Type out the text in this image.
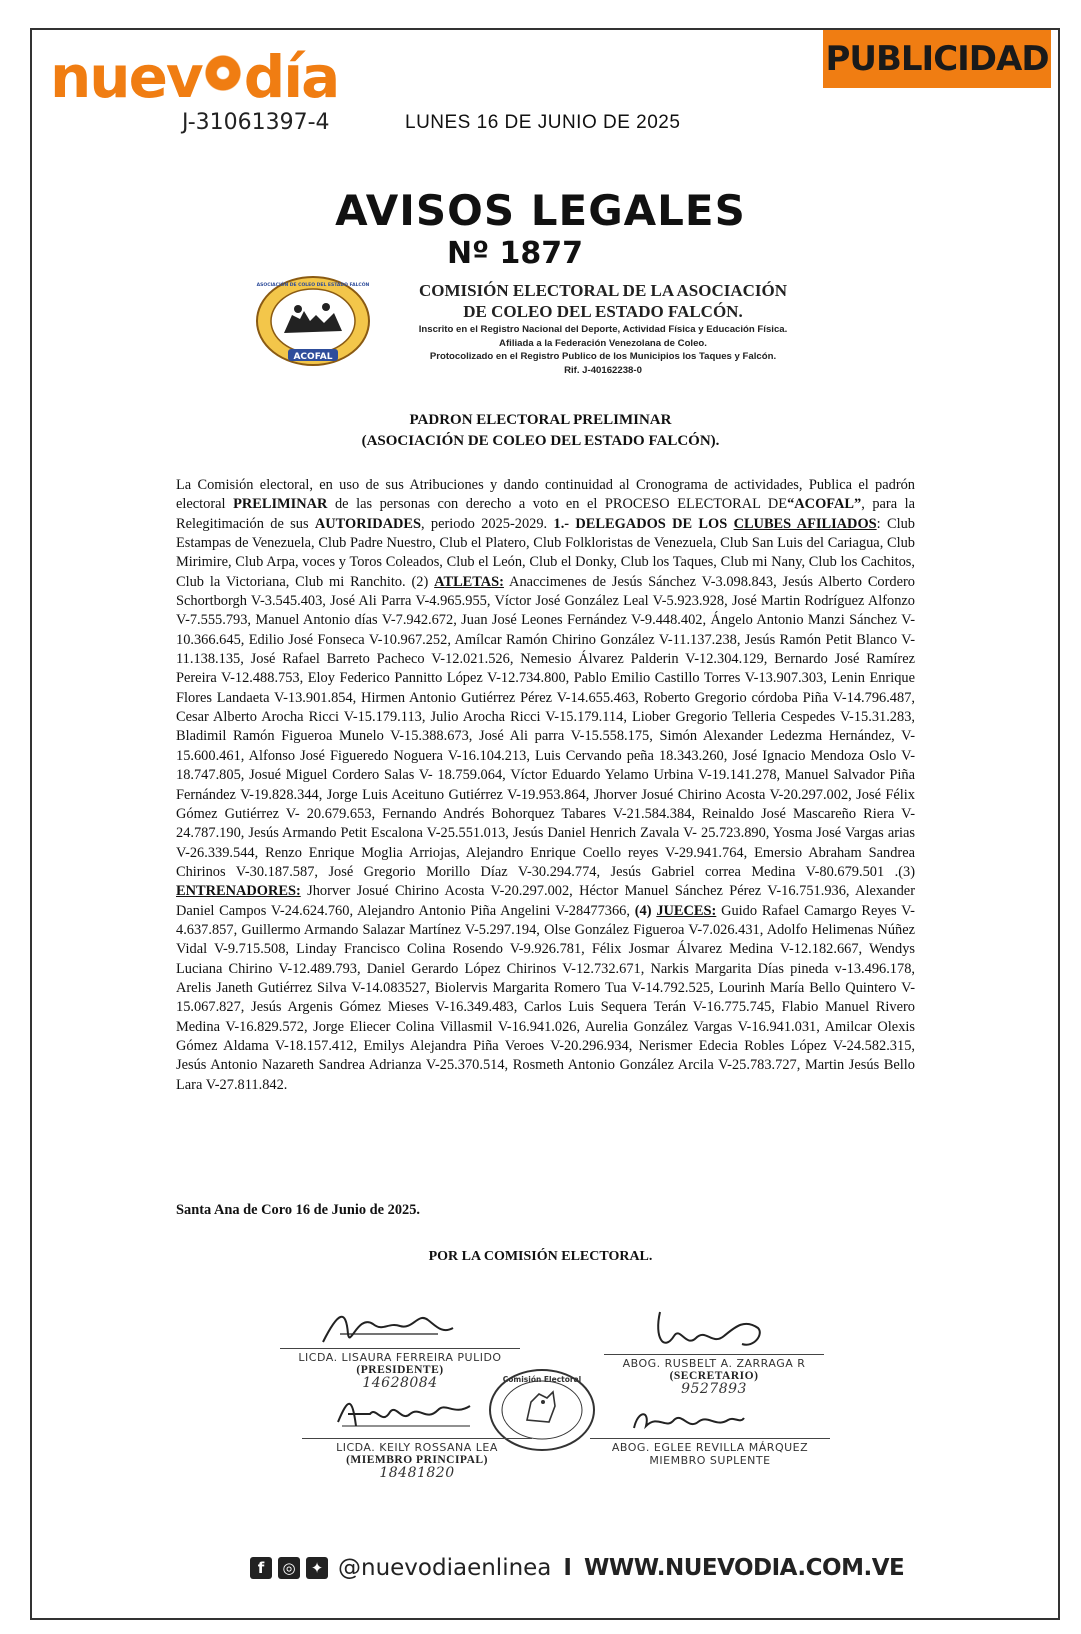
nuev día
J-31061397-4	LUNES 16 DE JUNIO DE 2025
PUBLICIDAD
AVISOS LEGALES
Nº 1877
ACOFAL
ASOCIACIÓN DE COLEO DEL ESTADO FALCÓN	COMISIÓN ELECTORAL DE LA ASOCIACIÓN
DE COLEO DEL ESTADO FALCÓN.
Inscrito en el Registro Nacional del Deporte, Actividad Física y Educación Física.
Afiliada a la Federación Venezolana de Coleo.
Protocolizado en el Registro Publico de los Municipios los Taques y Falcón.
Rif. J-40162238-0
PADRON ELECTORAL PRELIMINAR
(ASOCIACIÓN DE COLEO DEL ESTADO FALCÓN).
La Comisión electoral, en uso de sus Atribuciones y dando continuidad al Cronograma de actividades, Publica el padrón electoral PRELIMINAR de las personas con derecho a voto en el PROCESO ELECTORAL DE“ACOFAL”, para la Relegitimación de sus AUTORIDADES, periodo 2025-2029. 1.- DELEGADOS DE LOS CLUBES AFILIADOS: Club Estampas de Venezuela, Club Padre Nuestro, Club el Platero, Club Folkloristas de Venezuela, Club San Luis del Cariagua, Club Mirimire, Club Arpa, voces y Toros Coleados, Club el León, Club el Donky, Club los Taques, Club mi Nany, Club los Cachitos, Club la Victoriana, Club mi Ranchito. (2) ATLETAS: Anaccimenes de Jesús Sánchez V-3.098.843, Jesús Alberto Cordero Schortborgh V-3.545.403, José Ali Parra V-4.965.955, Víctor José González Leal V-5.923.928, José Martin Rodríguez Alfonzo V-7.555.793, Manuel Antonio días V-7.942.672, Juan José Leones Fernández V-9.448.402, Ángelo Antonio Manzi Sánchez V-10.366.645, Edilio José Fonseca V-10.967.252, Amílcar Ramón Chirino González V-11.137.238, Jesús Ramón Petit Blanco V-11.138.135, José Rafael Barreto Pacheco V-12.021.526, Nemesio Álvarez Palderin V-12.304.129, Bernardo José Ramírez Pereira V-12.488.753, Eloy Federico Pannitto López V-12.734.800, Pablo Emilio Castillo Torres V-13.907.303, Lenin Enrique Flores Landaeta V-13.901.854, Hirmen Antonio Gutiérrez Pérez V-14.655.463, Roberto Gregorio córdoba Piña V-14.796.487, Cesar Alberto Arocha Ricci V-15.179.113, Julio Arocha Ricci V-15.179.114, Liober Gregorio Telleria Cespedes V-15.31.283, Bladimil Ramón Figueroa Munelo V-15.388.673, José Ali parra V-15.558.175, Simón Alexander Ledezma Hernández, V-15.600.461, Alfonso José Figueredo Noguera V-16.104.213, Luis Cervando peña 18.343.260, José Ignacio Mendoza Oslo V- 18.747.805, Josué Miguel Cordero Salas V- 18.759.064, Víctor Eduardo Yelamo Urbina V-19.141.278, Manuel Salvador Piña Fernández V-19.828.344, Jorge Luis Aceituno Gutiérrez V-19.953.864, Jhorver Josué Chirino Acosta V-20.297.002, José Félix Gómez Gutiérrez V- 20.679.653, Fernando Andrés Bohorquez Tabares V-21.584.384, Reinaldo José Mascareño Riera V-24.787.190, Jesús Armando Petit Escalona V-25.551.013, Jesús Daniel Henrich Zavala V- 25.723.890, Yosma José Vargas arias V-26.339.544, Renzo Enrique Moglia Arriojas, Alejandro Enrique Coello reyes V-29.941.764, Emersio Abraham Sandrea Chirinos V-30.187.587, José Gregorio Morillo Díaz V-30.294.774, Jesús Gabriel correa Medina V-80.679.501 .(3) ENTRENADORES: Jhorver Josué Chirino Acosta V-20.297.002, Héctor Manuel Sánchez Pérez V-16.751.936, Alexander Daniel Campos V-24.624.760, Alejandro Antonio Piña Angelini V-28477366, (4) JUECES: Guido Rafael Camargo Reyes V-4.637.857, Guillermo Armando Salazar Martínez V-5.297.194, Olse González Figueroa V-7.026.431, Adolfo Helimenas Núñez Vidal V-9.715.508, Linday Francisco Colina Rosendo V-9.926.781, Félix Josmar Álvarez Medina V-12.182.667, Wendys Luciana Chirino V-12.489.793, Daniel Gerardo López Chirinos V-12.732.671, Narkis Margarita Días pineda v-13.496.178, Arelis Janeth Gutiérrez Silva V-14.083527, Biolervis Margarita Romero Tua V-14.792.525, Lourinh María Bello Quintero V-15.067.827, Jesús Argenis Gómez Mieses V-16.349.483, Carlos Luis Sequera Terán V-16.775.745, Flabio Manuel Rivero Medina V-16.829.572, Jorge Eliecer Colina Villasmil V-16.941.026, Aurelia González Vargas V-16.941.031, Amilcar Olexis Gómez Aldama V-18.157.412, Emilys Alejandra Piña Veroes V-20.296.934, Nerismer Edecia Robles López V-24.582.315, Jesús Antonio Nazareth Sandrea Adrianza V-25.370.514, Rosmeth Antonio González Arcila V-25.783.727, Martin Jesús Bello Lara V-27.811.842.
Santa Ana de Coro 16 de Junio de 2025.
POR LA COMISIÓN ELECTORAL.
LICDA. LISAURA FERREIRA PULIDO
(PRESIDENTE)
14628084
ABOG. RUSBELT A. ZARRAGA R
(SECRETARIO)
9527893
Comisión Electoral
LICDA. KEILY ROSSANA LEA
(MIEMBRO PRINCIPAL)
18481820
ABOG. EGLEE REVILLA MÁRQUEZ
MIEMBRO SUPLENTE
f	◎	✦ @nuevodiaenlinea I WWW.NUEVODIA.COM.VE
